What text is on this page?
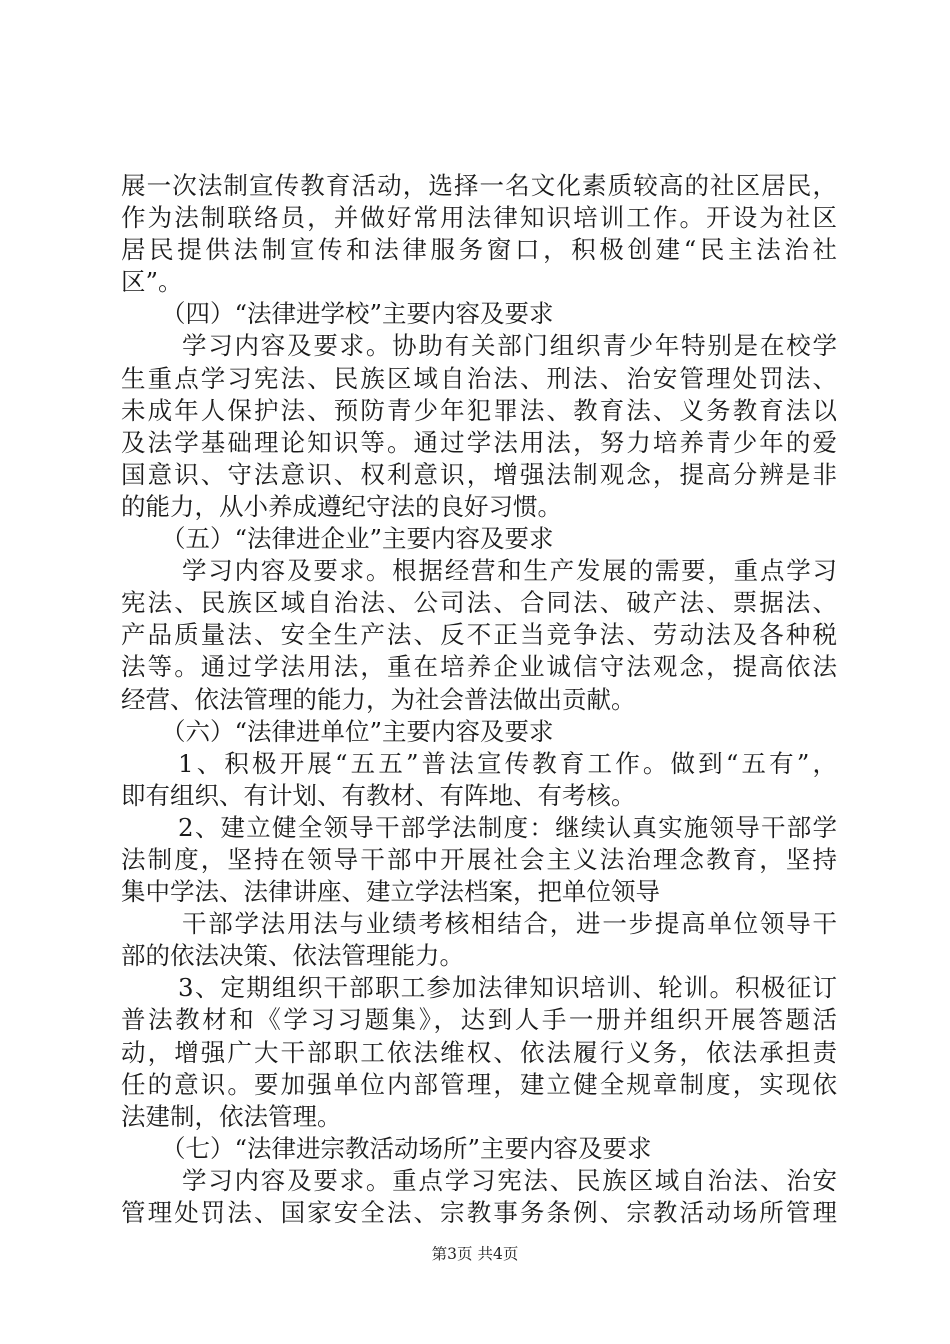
展一次法制宣传教育活动，选择一名文化素质较高的社区居民，
作为法制联络员，并做好常用法律知识培训工作。开设为社区
居民提供法制宣传和法律服务窗口，积极创建“民主法治社
区”。
（四）“法律进学校”主要内容及要求
学习内容及要求。协助有关部门组织青少年特别是在校学
生重点学习宪法、民族区域自治法、刑法、治安管理处罚法、
未成年人保护法、预防青少年犯罪法、教育法、义务教育法以
及法学基础理论知识等。通过学法用法，努力培养青少年的爱
国意识、守法意识、权利意识，增强法制观念，提高分辨是非
的能力，从小养成遵纪守法的良好习惯。
（五）“法律进企业”主要内容及要求
学习内容及要求。根据经营和生产发展的需要，重点学习
宪法、民族区域自治法、公司法、合同法、破产法、票据法、
产品质量法、安全生产法、反不正当竞争法、劳动法及各种税
法等。通过学法用法，重在培养企业诚信守法观念，提高依法
经营、依法管理的能力，为社会普法做出贡献。
（六）“法律进单位”主要内容及要求
1、积极开展“五五”普法宣传教育工作。做到“五有”，
即有组织、有计划、有教材、有阵地、有考核。
2、建立健全领导干部学法制度：继续认真实施领导干部学
法制度，坚持在领导干部中开展社会主义法治理念教育，坚持
集中学法、法律讲座、建立学法档案，把单位领导
干部学法用法与业绩考核相结合，进一步提高单位领导干
部的依法决策、依法管理能力。
3、定期组织干部职工参加法律知识培训、轮训。积极征订
普法教材和《学习习题集》，达到人手一册并组织开展答题活
动，增强广大干部职工依法维权、依法履行义务，依法承担责
任的意识。要加强单位内部管理，建立健全规章制度，实现依
法建制，依法管理。
（七）“法律进宗教活动场所”主要内容及要求
学习内容及要求。重点学习宪法、民族区域自治法、治安
管理处罚法、国家安全法、宗教事务条例、宗教活动场所管理
第3页 共4页
